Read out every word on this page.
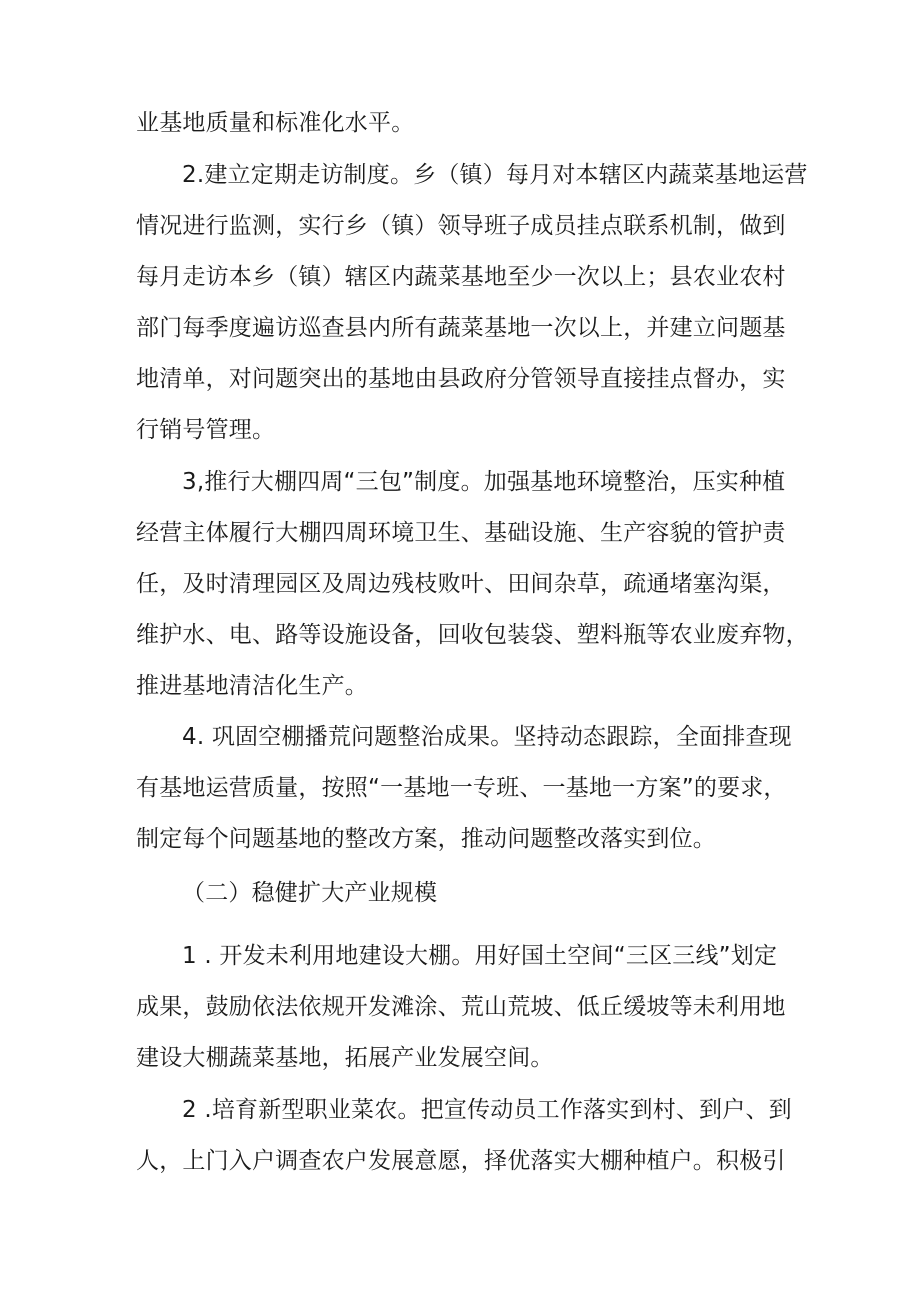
业基地质量和标准化水平。
2.建立定期走访制度。乡（镇）每月对本辖区内蔬菜基地运营
情况进行监测，实行乡（镇）领导班子成员挂点联系机制，做到
每月走访本乡（镇）辖区内蔬菜基地至少一次以上；县农业农村
部门每季度遍访巡查县内所有蔬菜基地一次以上，并建立问题基
地清单，对问题突出的基地由县政府分管领导直接挂点督办，实
行销号管理。
3,推行大棚四周“三包”制度。加强基地环境整治，压实种植
经营主体履行大棚四周环境卫生、基础设施、生产容貌的管护责
任，及时清理园区及周边残枝败叶、田间杂草，疏通堵塞沟渠，
维护水、电、路等设施设备，回收包装袋、塑料瓶等农业废弃物，
推进基地清洁化生产。
4. 巩固空棚播荒问题整治成果。坚持动态跟踪，全面排查现
有基地运营质量，按照“一基地一专班、一基地一方案”的要求，
制定每个问题基地的整改方案，推动问题整改落实到位。
（二）稳健扩大产业规模
1 . 开发未利用地建设大棚。用好国土空间“三区三线”划定
成果，鼓励依法依规开发滩涂、荒山荒坡、低丘缓坡等未利用地
建设大棚蔬菜基地，拓展产业发展空间。
2 .培育新型职业菜农。把宣传动员工作落实到村、到户、到
人，上门入户调查农户发展意愿，择优落实大棚种植户。积极引
